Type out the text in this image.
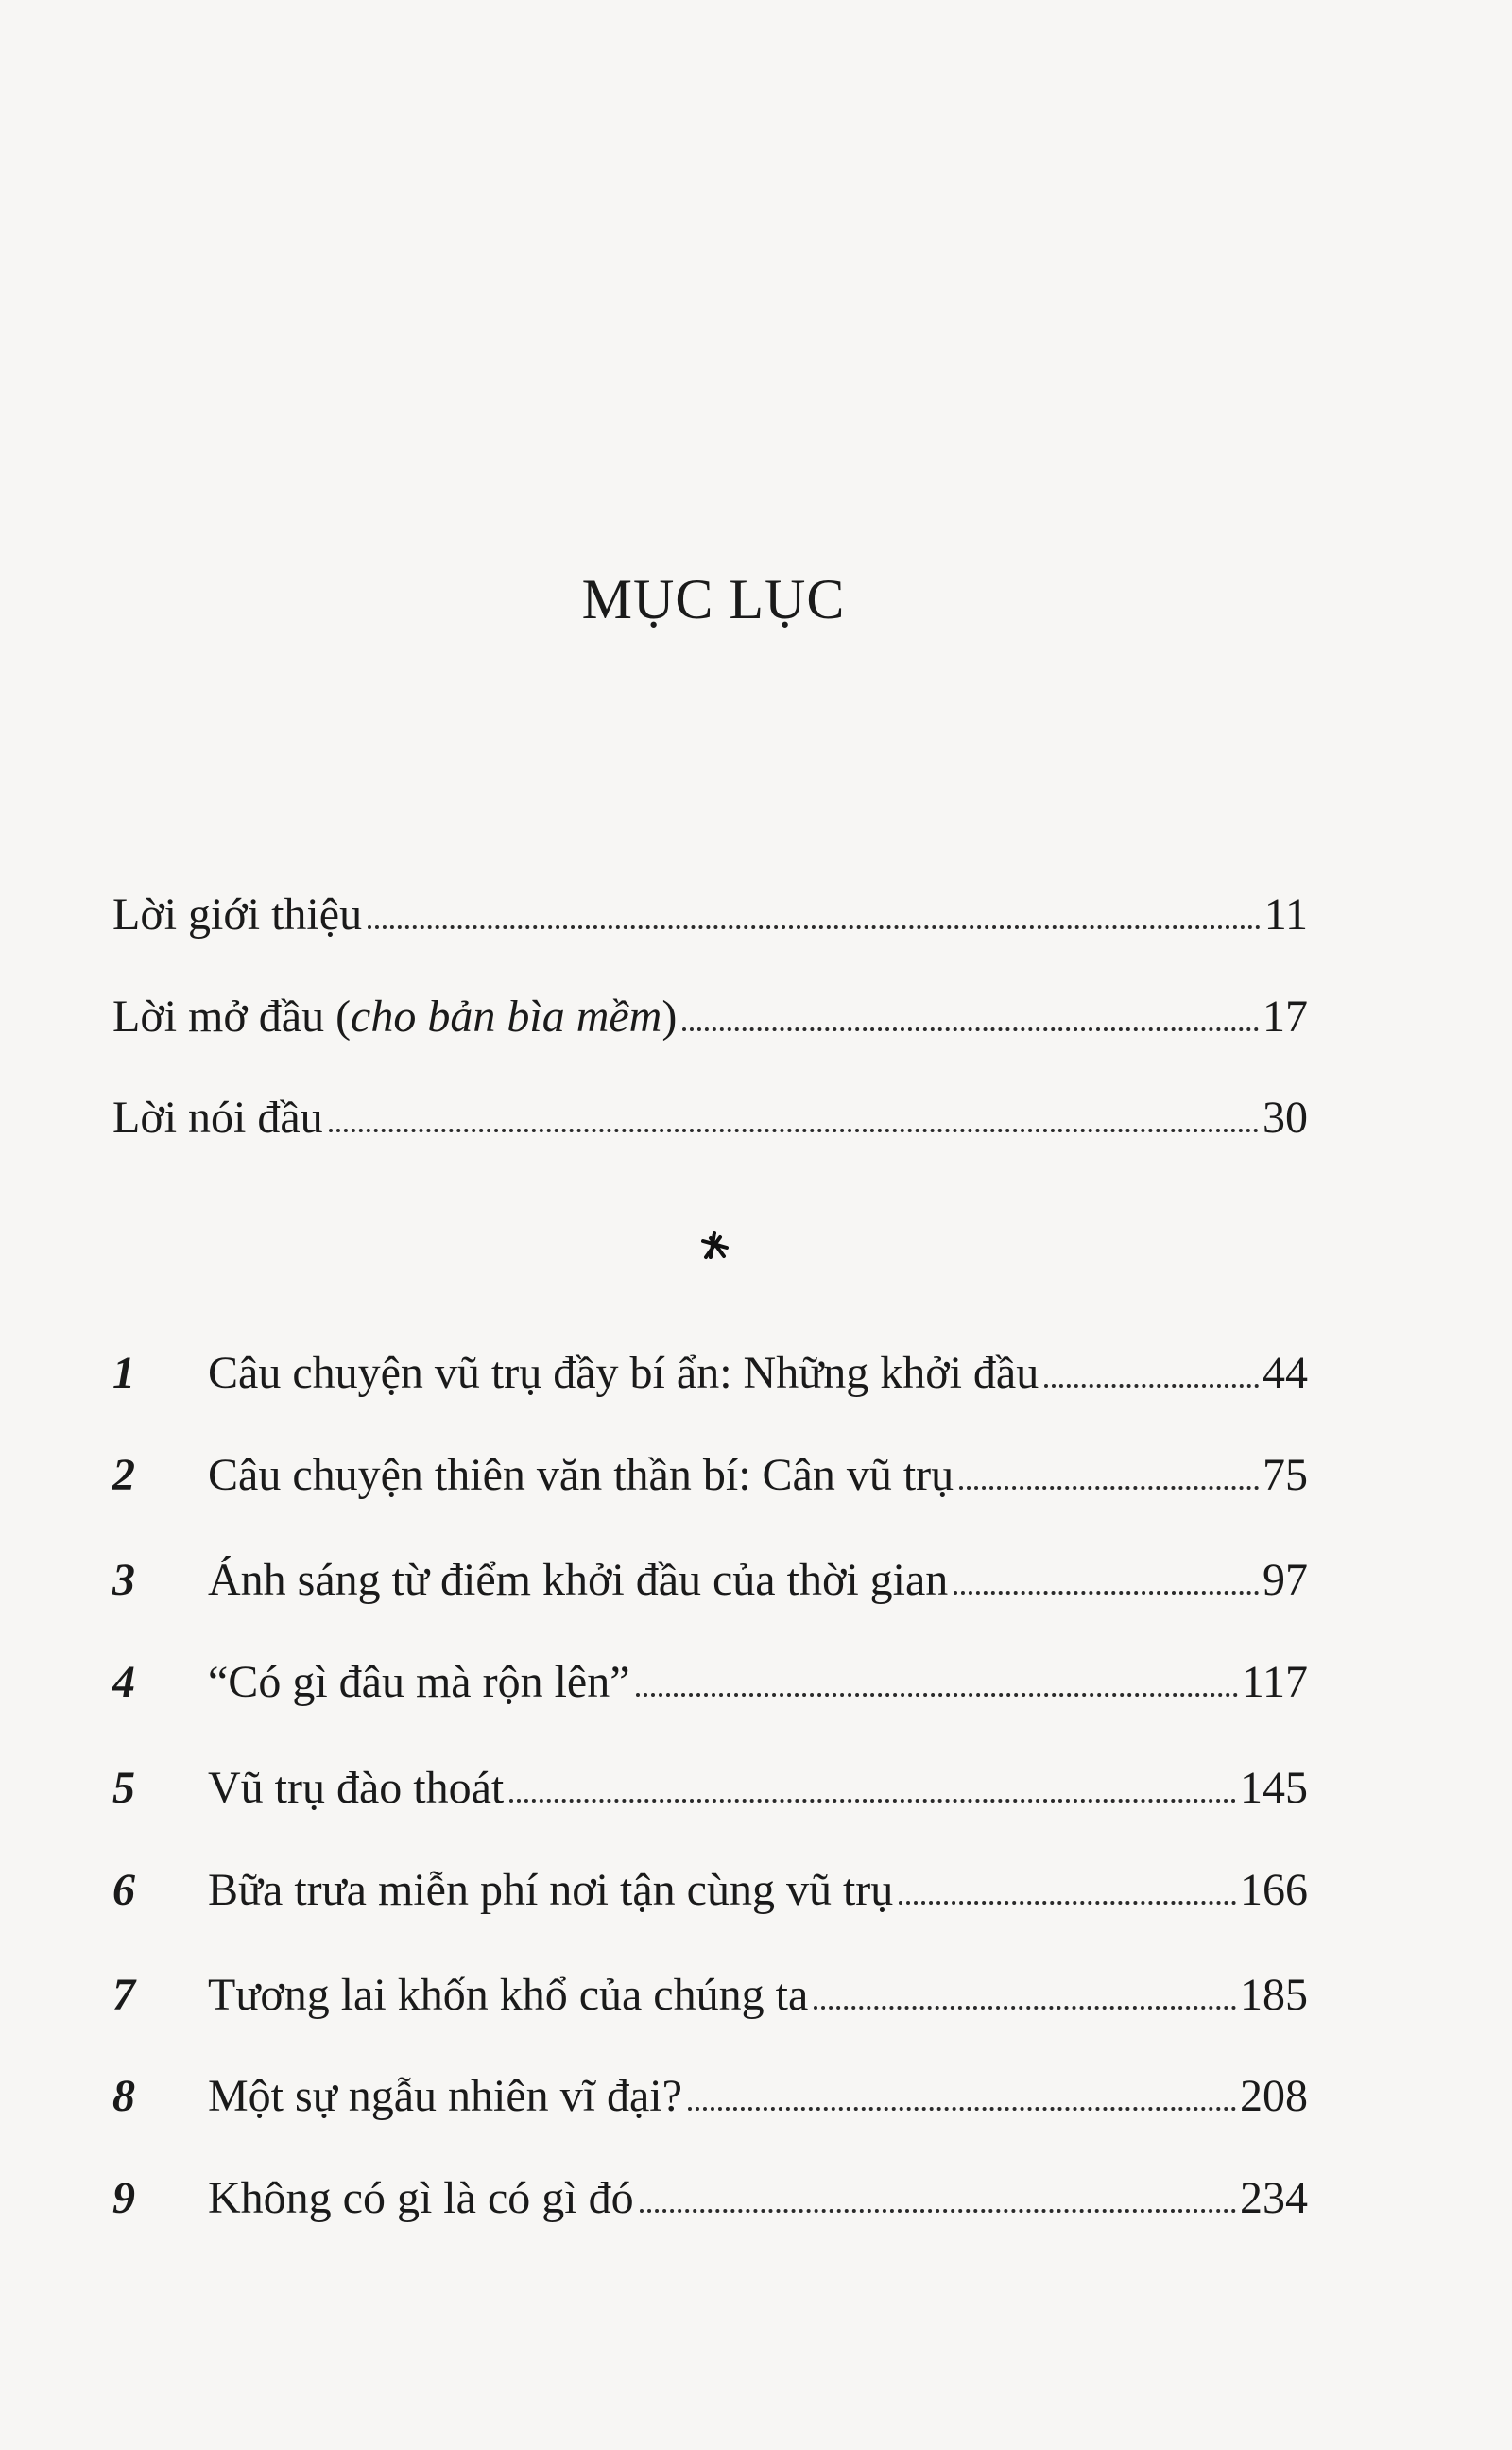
MỤC LỤC
Lời giới thiệu	11
Lời mở đầu (cho bản bìa mềm)	17
Lời nói đầu	30
1	Câu chuyện vũ trụ đầy bí ẩn: Những khởi đầu	44
2	Câu chuyện thiên văn thần bí: Cân vũ trụ	75
3	Ánh sáng từ điểm khởi đầu của thời gian	97
4	“Có gì đâu mà rộn lên”	117
5	Vũ trụ đào thoát	145
6	Bữa trưa miễn phí nơi tận cùng vũ trụ	166
7	Tương lai khốn khổ của chúng ta	185
8	Một sự ngẫu nhiên vĩ đại?	208
9	Không có gì là có gì đó	234
